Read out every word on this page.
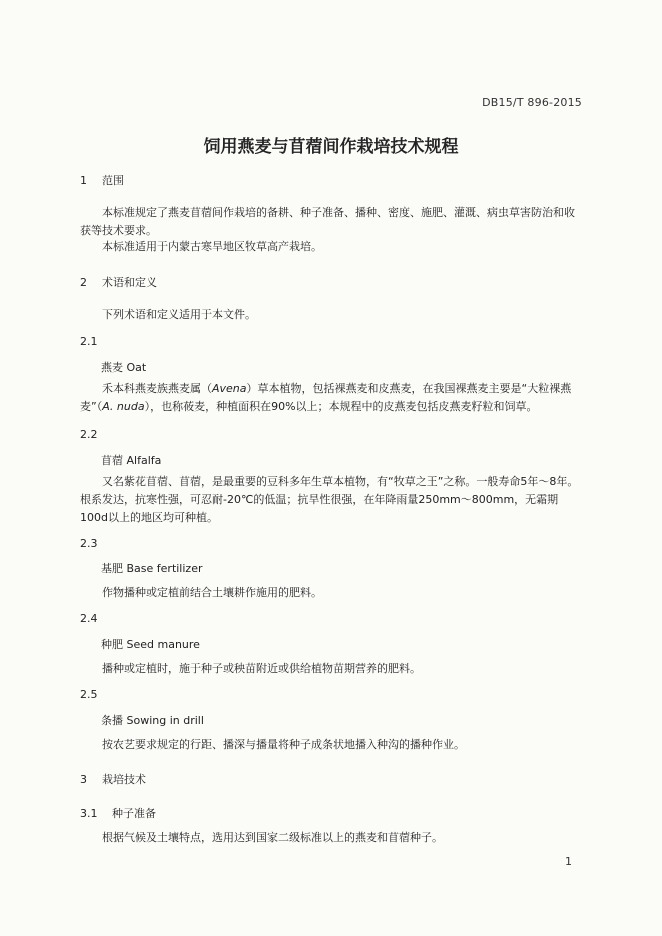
DB15/T 896-2015
饲用燕麦与苜蓿间作栽培技术规程
1 范围
本标准规定了燕麦苜蓿间作栽培的备耕、种子准备、播种、密度、施肥、灌溉、病虫草害防治和收获等技术要求。
本标准适用于内蒙古寒旱地区牧草高产栽培。
2 术语和定义
下列术语和定义适用于本文件。
2.1
燕麦 Oat
禾本科燕麦族燕麦属（Avena）草本植物，包括裸燕麦和皮燕麦，在我国裸燕麦主要是“大粒裸燕麦”（A. nuda），也称莜麦，种植面积在90%以上；本规程中的皮燕麦包括皮燕麦籽粒和饲草。
2.2
苜蓿 Alfalfa
又名紫花苜蓿、苜蓿，是最重要的豆科多年生草本植物，有“牧草之王”之称。一般寿命5年～8年。根系发达，抗寒性强，可忍耐-20℃的低温；抗旱性很强，在年降雨量250mm～800mm，无霜期100d以上的地区均可种植。
2.3
基肥 Base fertilizer
作物播种或定植前结合土壤耕作施用的肥料。
2.4
种肥 Seed manure
播种或定植时，施于种子或秧苗附近或供给植物苗期营养的肥料。
2.5
条播 Sowing in drill
按农艺要求规定的行距、播深与播量将种子成条状地播入种沟的播种作业。
3 栽培技术
3.1 种子准备
根据气候及土壤特点，选用达到国家二级标准以上的燕麦和苜蓿种子。
1
